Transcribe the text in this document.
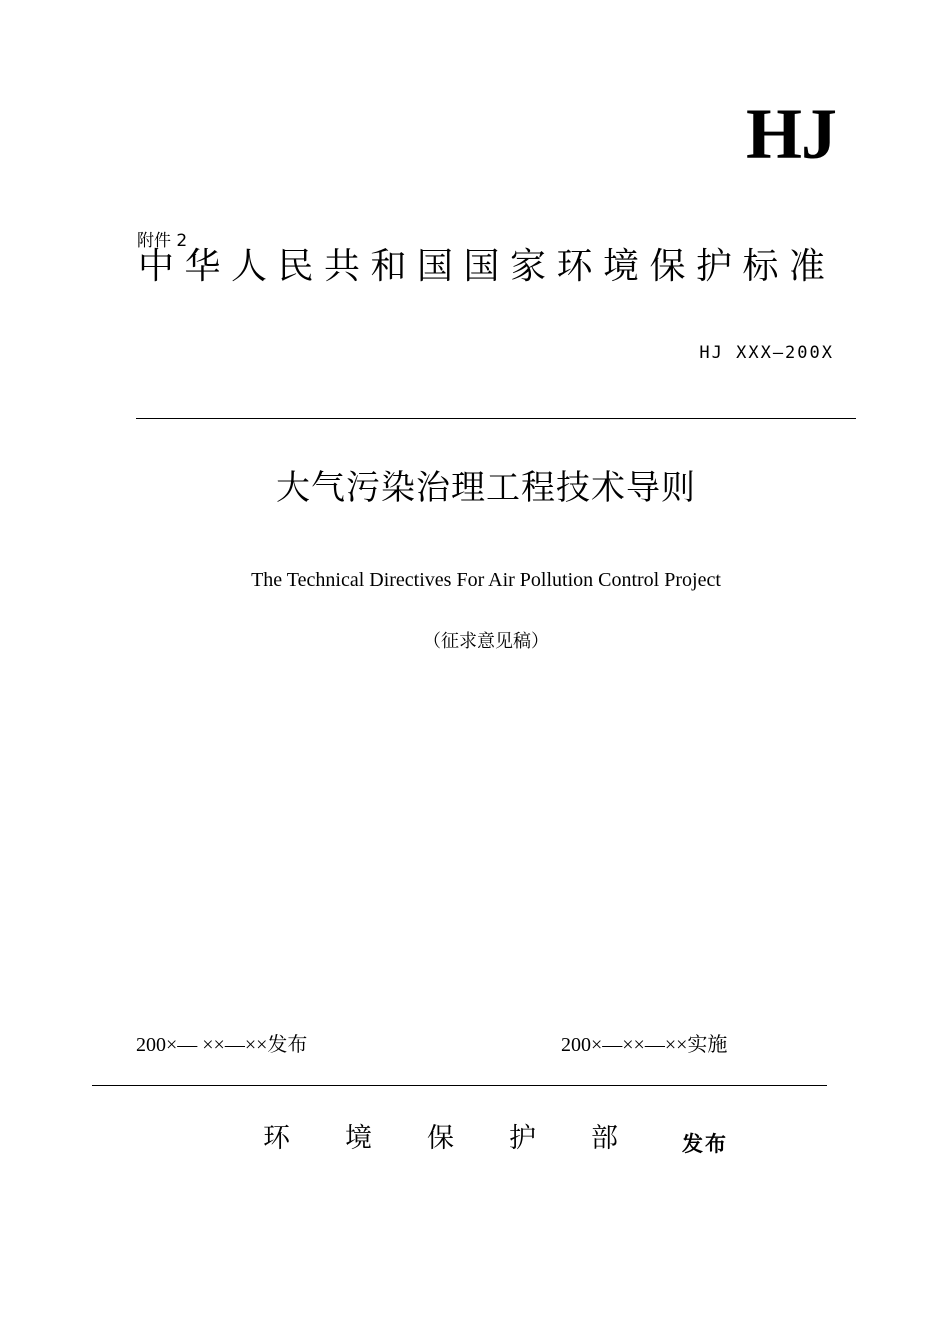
HJ
附件 2
中华人民共和国国家环境保护标准
HJ XXX—200X
大气污染治理工程技术导则
The Technical Directives For Air Pollution Control Project
（征求意见稿）
200×— ××—××发布	200×—××—××实施
环境保护部 发布
